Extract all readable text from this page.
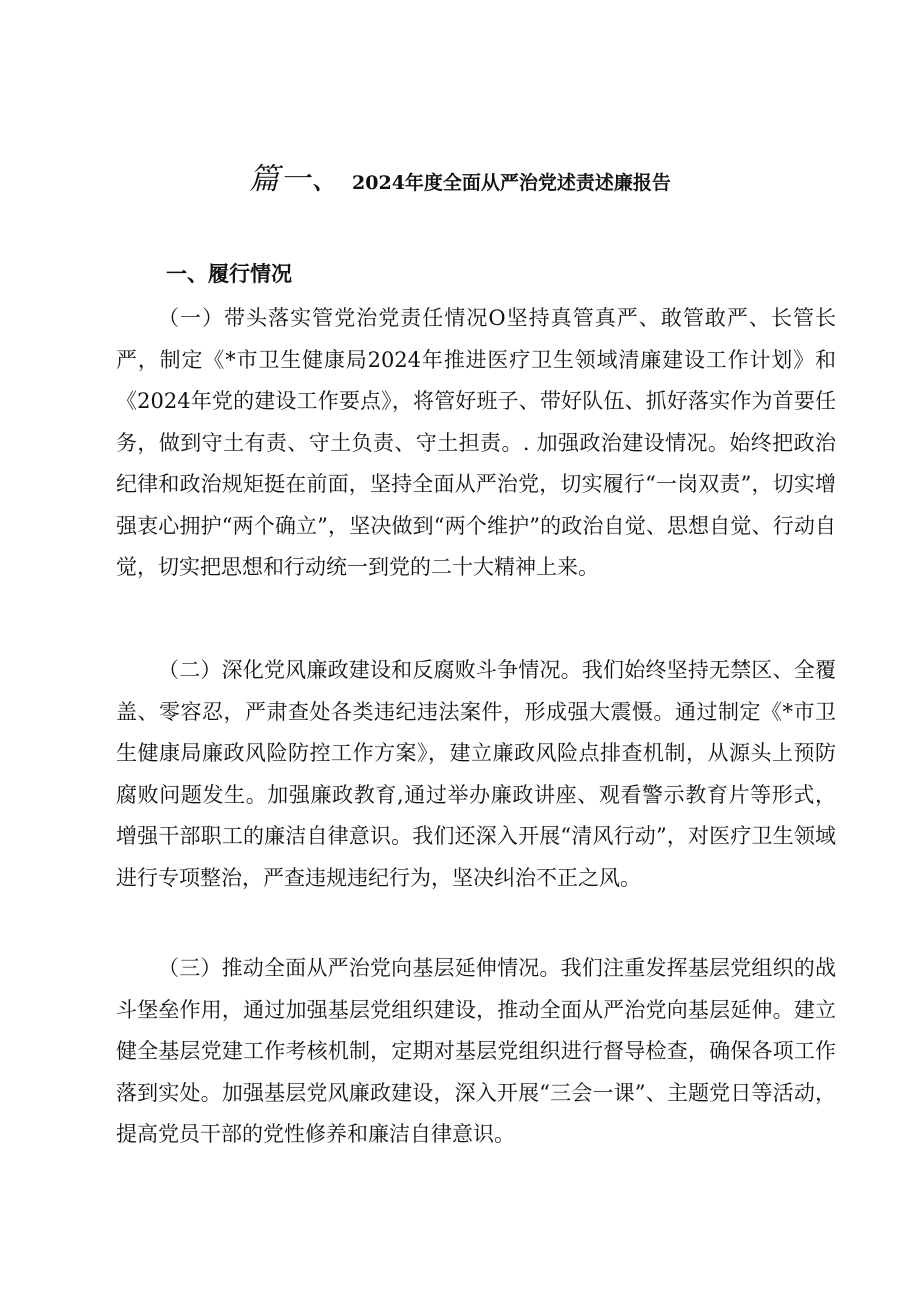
篇一、 2024年度全面从严治党述责述廉报告
一、履行情况

（一）带头落实管党治党责任情况O坚持真管真严、敢管敢严、长管长严，制定《*市卫生健康局2024年推进医疗卫生领域清廉建设工作计划》和《2024年党的建设工作要点》，将管好班子、带好队伍、抓好落实作为首要任务，做到守土有责、守土负责、守土担责。. 加强政治建设情况。始终把政治纪律和政治规矩挺在前面，坚持全面从严治党，切实履行“一岗双责”，切实增强衷心拥护“两个确立”，坚决做到“两个维护”的政治自觉、思想自觉、行动自觉，切实把思想和行动统一到党的二十大精神上来。

（二）深化党风廉政建设和反腐败斗争情况。我们始终坚持无禁区、全覆盖、零容忍，严肃查处各类违纪违法案件，形成强大震慑。通过制定《*市卫生健康局廉政风险防控工作方案》，建立廉政风险点排查机制，从源头上预防腐败问题发生。加强廉政教育,通过举办廉政讲座、观看警示教育片等形式，增强干部职工的廉洁自律意识。我们还深入开展“清风行动”，对医疗卫生领域进行专项整治，严查违规违纪行为，坚决纠治不正之风。

（三）推动全面从严治党向基层延伸情况。我们注重发挥基层党组织的战斗堡垒作用，通过加强基层党组织建设，推动全面从严治党向基层延伸。建立健全基层党建工作考核机制，定期对基层党组织进行督导检查，确保各项工作落到实处。加强基层党风廉政建设，深入开展“三会一课”、主题党日等活动，提高党员干部的党性修养和廉洁自律意识。
